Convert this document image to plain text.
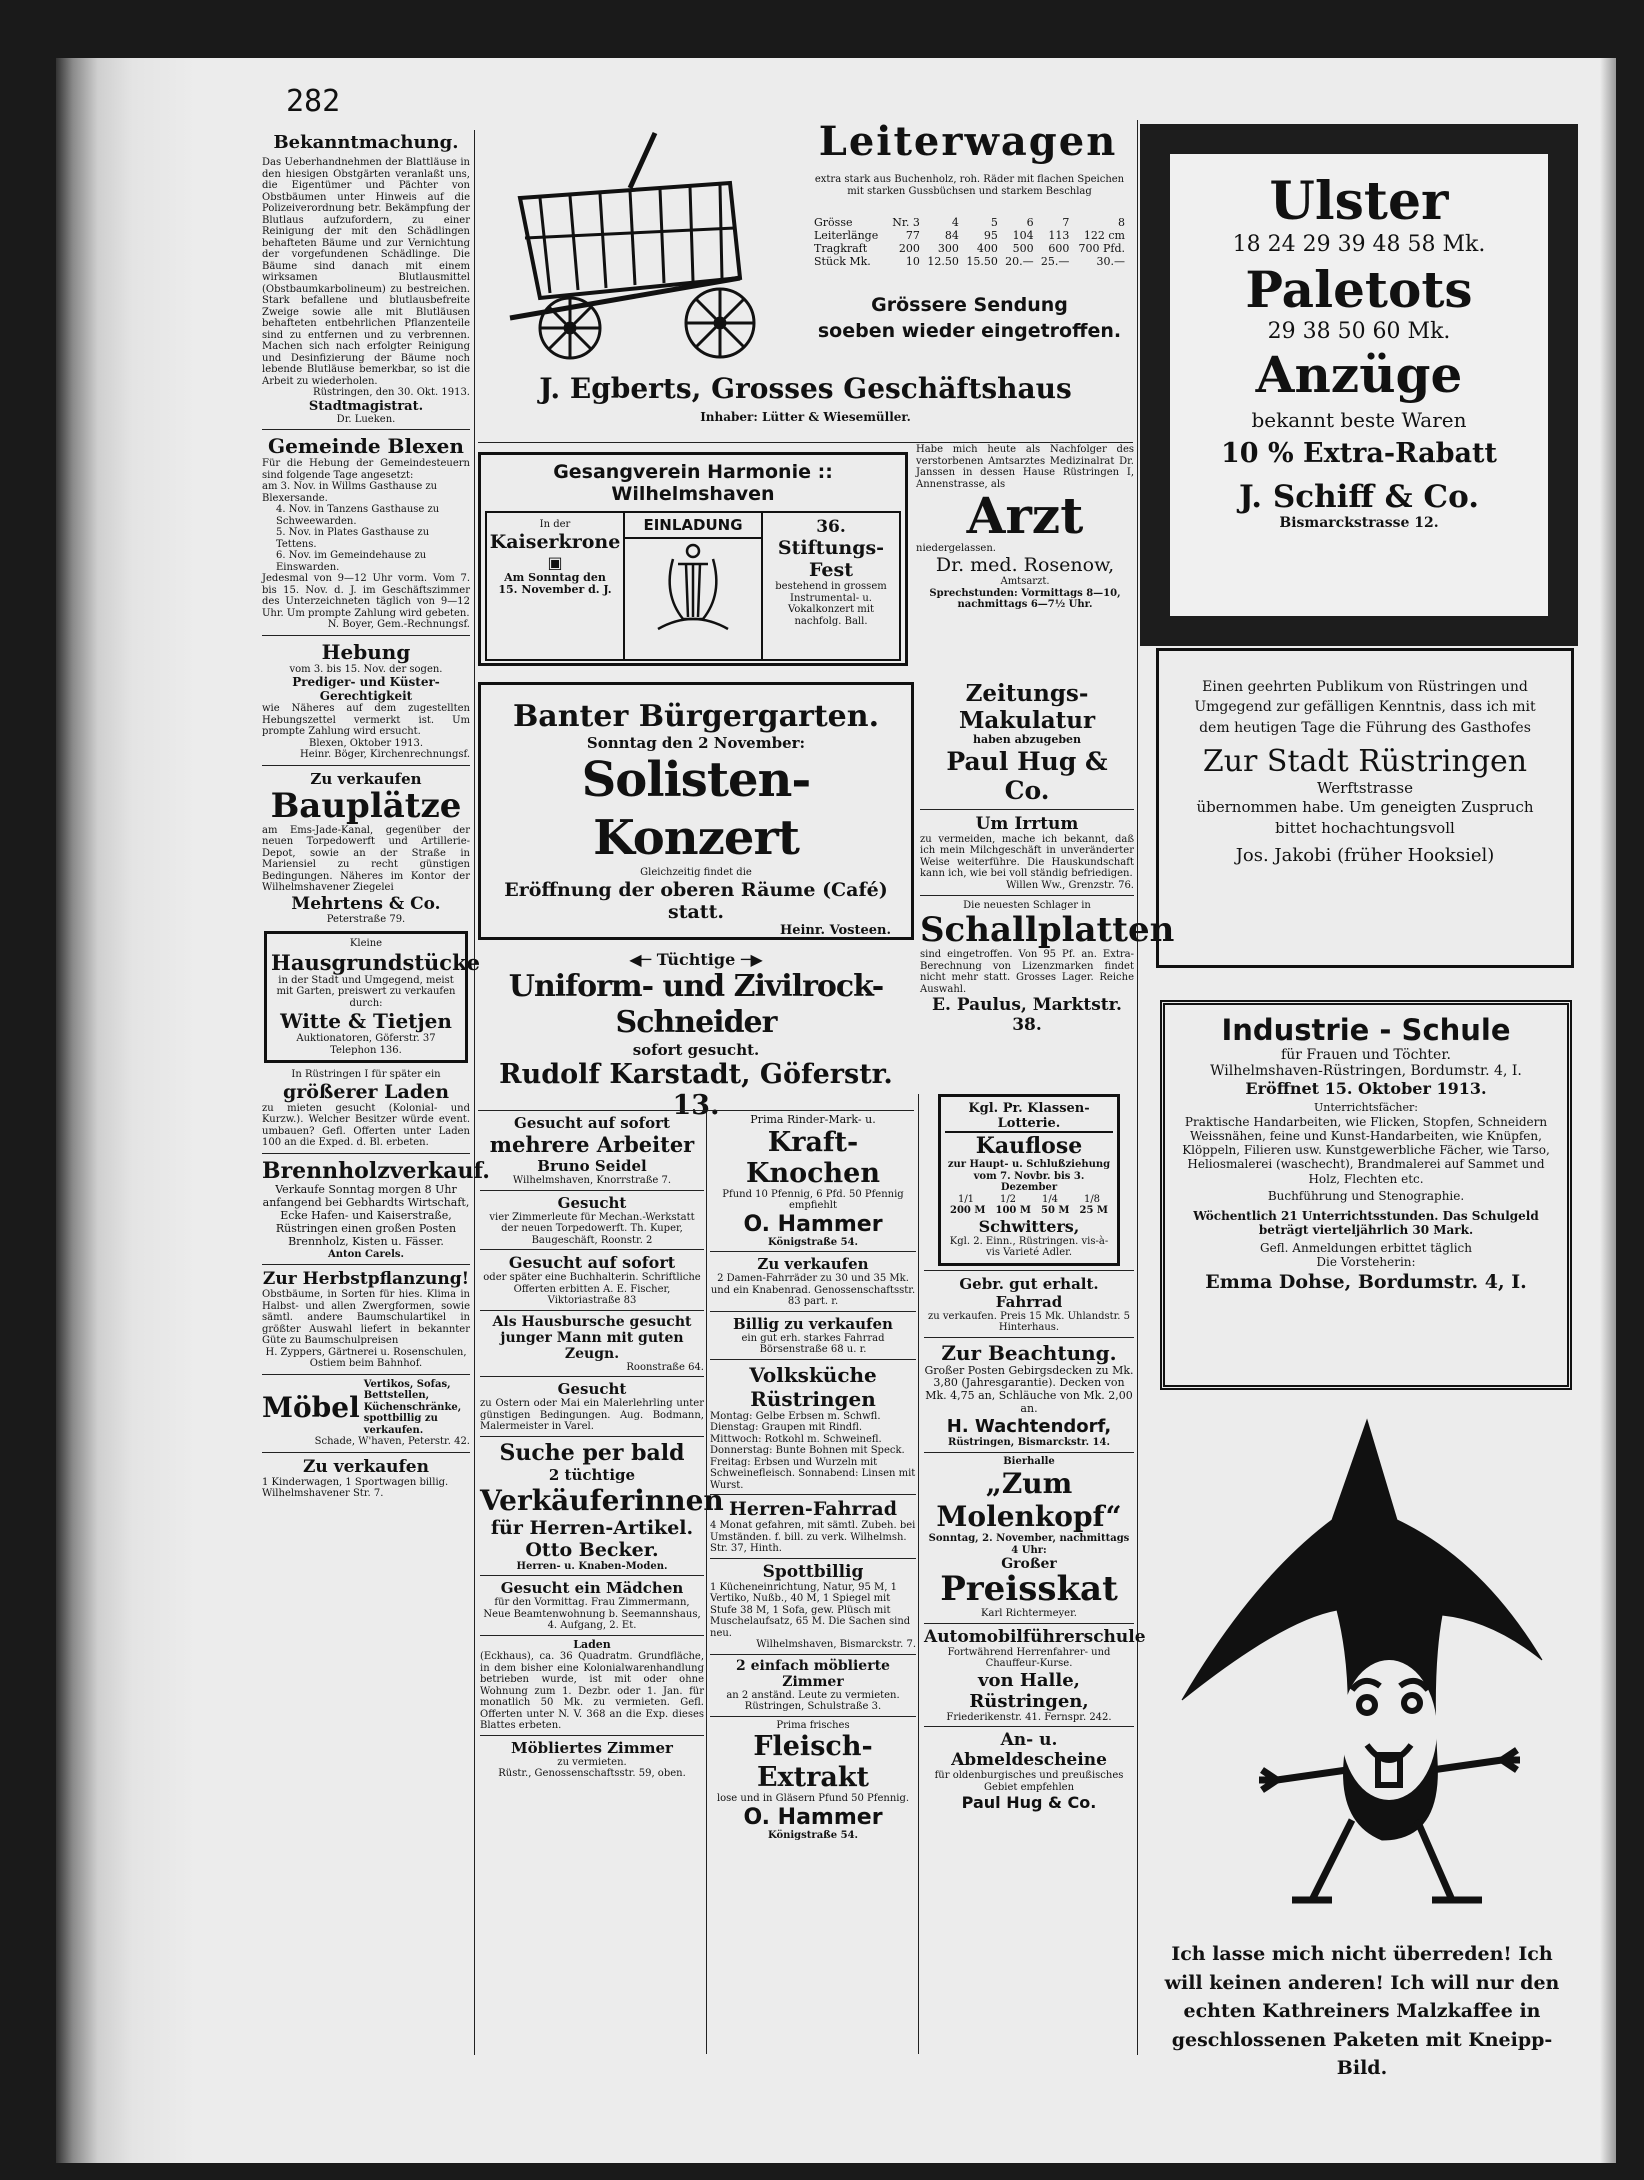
282
Bekanntmachung.

Das Ueberhandnehmen der Blattläuse in den hiesigen Obstgärten veranlaßt uns, die Eigentümer und Pächter von Obstbäumen unter Hinweis auf die Polizeiverordnung betr. Bekämpfung der Blutlaus aufzufordern, zu einer Reinigung der mit den Schädlingen behafteten Bäume und zur Vernichtung der vorgefundenen Schädlinge. Die Bäume sind danach mit einem wirksamen Blutlausmittel (Obstbaumkarbolineum) zu bestreichen. Stark befallene und blutlausbefreite Zweige sowie alle mit Blutläusen behafteten entbehrlichen Pflanzenteile sind zu entfernen und zu verbrennen. Machen sich nach erfolgter Reinigung und Desinfizierung der Bäume noch lebende Blutläuse bemerkbar, so ist die Arbeit zu wiederholen.

Rüstringen, den 30. Okt. 1913.

Stadtmagistrat.

Dr. Lueken.

Gemeinde Blexen

Für die Hebung der Gemeindesteuern sind folgende Tage angesetzt:

am 3. Nov. in Willms Gasthause zu Blexersande.

4. Nov. in Tanzens Gasthause zu Schweewarden.

5. Nov. in Plates Gasthause zu Tettens.

6. Nov. im Gemeindehause zu Einswarden.

Jedesmal von 9—12 Uhr vorm. Vom 7. bis 15. Nov. d. J. im Geschäftszimmer des Unterzeichneten täglich von 9—12 Uhr. Um prompte Zahlung wird gebeten.

N. Boyer, Gem.-Rechnungsf.

Hebung

vom 3. bis 15. Nov. der sogen.

Prediger- und Küster-Gerechtigkeit

wie Näheres auf dem zugestellten Hebungszettel vermerkt ist. Um prompte Zahlung wird ersucht.

Blexen, Oktober 1913.

Heinr. Böger, Kirchenrechnungsf.

Zu verkaufen

Bauplätze

am Ems-Jade-Kanal, gegenüber der neuen Torpedowerft und Artillerie-Depot, sowie an der Straße in Mariensiel zu recht günstigen Bedingungen. Näheres im Kontor der Wilhelmshavener Ziegelei

Mehrtens & Co.

Peterstraße 79.

Kleine

Hausgrundstücke

in der Stadt und Umgegend, meist mit Garten, preiswert zu verkaufen durch:

Witte & Tietjen

Auktionatoren, Göferstr. 37

Telephon 136.

In Rüstringen I für später ein

größerer Laden

zu mieten gesucht (Kolonial- und Kurzw.). Welcher Besitzer würde event. umbauen? Gefl. Offerten unter Laden 100 an die Exped. d. Bl. erbeten.

Brennholzverkauf.

Verkaufe Sonntag morgen 8 Uhr anfangend bei Gebhardts Wirtschaft, Ecke Hafen- und Kaiserstraße, Rüstringen einen großen Posten Brennholz, Kisten u. Fässer.

Anton Carels.

Zur Herbstpflanzung!

Obstbäume, in Sorten für hies. Klima in Halbst- und allen Zwergformen, sowie sämtl. andere Baumschulartikel in größter Auswahl liefert in bekannter Güte zu Baumschulpreisen

H. Zyppers, Gärtnerei u. Rosenschulen, Ostiem beim Bahnhof.

Möbel

Vertikos, Sofas, Bettstellen, Küchenschränke, spottbillig zu verkaufen.

Schade, W'haven, Peterstr. 42.

Zu verkaufen

1 Kinderwagen, 1 Sportwagen billig. Wilhelmshavener Str. 7.

Leiterwagen

extra stark aus Buchenholz, roh. Räder mit flachen Speichen mit starken Gussbüchsen und starkem Beschlag

Grösse	Nr. 3	4	5	6	7	8
Leiterlänge	77	84	95	104	113	122 cm
Tragkraft	200	300	400	500	600	700 Pfd.
Stück Mk.	10	12.50	15.50	20.—	25.—	30.—
Grössere Sendung
soeben wieder eingetroffen.
J. Egberts, Grosses Geschäftshaus
Inhaber: Lütter & Wiesemüller.
Ulster
18 24 29 39 48 58 Mk.
Paletots
29 38 50 60 Mk.
Anzüge
bekannt beste Waren
10 % Extra-Rabatt
J. Schiff & Co.
Bismarckstrasse 12.
Gesangverein Harmonie :: Wilhelmshaven

In der

Kaiserkrone

▣

Am Sonntag den

15. November d. J.

EINLADUNG	36.

Stiftungs-Fest

bestehend in grossem Instrumental- u. Vokalkonzert mit nachfolg. Ball.

Habe mich heute als Nachfolger des verstorbenen Amtsarztes Medizinalrat Dr. Janssen in dessen Hause Rüstringen I, Annenstrasse, als

Arzt

niedergelassen.

Dr. med. Rosenow,

Amtsarzt.

Sprechstunden: Vormittags 8—10, nachmittags 6—7½ Uhr.

Einen geehrten Publikum von Rüstringen und Umgegend zur gefälligen Kenntnis, dass ich mit dem heutigen Tage die Führung des Gasthofes

Zur Stadt Rüstringen

Werftstrasse

übernommen habe. Um geneigten Zuspruch bittet hochachtungsvoll

Jos. Jakobi (früher Hooksiel)

Banter Bürgergarten.
Sonntag den 2 November:
Solisten-Konzert
Gleichzeitig findet die
Eröffnung der oberen Räume (Café) statt.
Heinr. Vosteen.
Zeitungs-Makulatur

haben abzugeben

Paul Hug & Co.
Um Irrtum

zu vermeiden, mache ich bekannt, daß ich mein Milchgeschäft in unveränderter Weise weiterführe. Die Hauskundschaft kann ich, wie bei voll ständig befriedigen.

Willen Ww., Grenzstr. 76.

Die neuesten Schlager in

Schallplatten

sind eingetroffen. Von 95 Pf. an. Extra-Berechnung von Lizenzmarken findet nicht mehr statt. Grosses Lager. Reiche Auswahl.

E. Paulus, Marktstr. 38.

◀─ Tüchtige ─▶
Uniform- und Zivilrock-Schneider
sofort gesucht.
Rudolf Karstadt, Göferstr. 13.
Gesucht auf sofort
mehrere Arbeiter
Bruno Seidel
Wilhelmshaven, Knorrstraße 7.
Gesucht

vier Zimmerleute für Mechan.-Werkstatt der neuen Torpedowerft. Th. Kuper, Baugeschäft, Roonstr. 2

Gesucht auf sofort

oder später eine Buchhalterin. Schriftliche Offerten erbitten A. E. Fischer, Viktoriastraße 83

Als Hausbursche gesucht junger Mann mit guten Zeugn.

Roonstraße 64.

Gesucht

zu Ostern oder Mai ein Malerlehrling unter günstigen Bedingungen. Aug. Bodmann, Malermeister in Varel.

Suche per bald
2 tüchtige
Verkäuferinnen
für Herren-Artikel.
Otto Becker.
Herren- u. Knaben-Moden.
Gesucht ein Mädchen

für den Vormittag. Frau Zimmermann, Neue Beamtenwohnung b. Seemannshaus, 4. Aufgang, 2. Et.

Laden

(Eckhaus), ca. 36 Quadratm. Grundfläche, in dem bisher eine Kolonialwarenhandlung betrieben wurde, ist mit oder ohne Wohnung zum 1. Dezbr. oder 1. Jan. für monatlich 50 Mk. zu vermieten. Gefl. Offerten unter N. V. 368 an die Exp. dieses Blattes erbeten.

Möbliertes Zimmer

zu vermieten.

Rüstr., Genossenschaftsstr. 59, oben.

Prima Rinder-Mark- u.

Kraft-Knochen

Pfund 10 Pfennig, 6 Pfd. 50 Pfennig empfiehlt

O. Hammer

Königstraße 54.

Zu verkaufen

2 Damen-Fahrräder zu 30 und 35 Mk. und ein Knabenrad. Genossenschaftsstr. 83 part. r.

Billig zu verkaufen

ein gut erh. starkes Fahrrad Börsenstraße 68 u. r.

Volksküche Rüstringen

Montag: Gelbe Erbsen m. Schwfl. Dienstag: Graupen mit Rindfl. Mittwoch: Rotkohl m. Schweinefl. Donnerstag: Bunte Bohnen mit Speck. Freitag: Erbsen und Wurzeln mit Schweinefleisch. Sonnabend: Linsen mit Wurst.

Herren-Fahrrad

4 Monat gefahren, mit sämtl. Zubeh. bei Umständen. f. bill. zu verk. Wilhelmsh. Str. 37, Hinth.

Spottbillig

1 Kücheneinrichtung, Natur, 95 M, 1 Vertiko, Nußb., 40 M, 1 Spiegel mit Stufe 38 M, 1 Sofa, gew. Plüsch mit Muschelaufsatz, 65 M. Die Sachen sind neu.

Wilhelmshaven, Bismarckstr. 7.

2 einfach möblierte Zimmer

an 2 anständ. Leute zu vermieten. Rüstringen, Schulstraße 3.

Prima frisches

Fleisch-Extrakt

lose und in Gläsern Pfund 50 Pfennig.

O. Hammer

Königstraße 54.

Kgl. Pr. Klassen-Lotterie.
Kauflose

zur Haupt- u. Schlußziehung vom 7. Novbr. bis 3. Dezember

1/1	1/2	1/4	1/8
200 M 100 M 50 M 25 M
Schwitters,

Kgl. 2. Einn., Rüstringen. vis-à-vis Varieté Adler.

Gebr. gut erhalt. Fahrrad

zu verkaufen. Preis 15 Mk. Uhlandstr. 5 Hinterhaus.

Zur Beachtung.

Großer Posten Gebirgsdecken zu Mk. 3,80 (Jahresgarantie). Decken von Mk. 4,75 an, Schläuche von Mk. 2,00 an.

H. Wachtendorf,

Rüstringen, Bismarckstr. 14.

Bierhalle

„Zum Molenkopf“

Sonntag, 2. November, nachmittags 4 Uhr:

Großer

Preisskat

Karl Richtermeyer.

Automobilführerschule

Fortwährend Herrenfahrer- und Chauffeur-Kurse.

von Halle, Rüstringen,

Friederikenstr. 41. Fernspr. 242.

An- u. Abmeldescheine

für oldenburgisches und preußisches Gebiet empfehlen

Paul Hug & Co.
Industrie - Schule

für Frauen und Töchter.

Wilhelmshaven-Rüstringen, Bordumstr. 4, I.

Eröffnet 15. Oktober 1913.

Unterrichtsfächer:

Praktische Handarbeiten, wie Flicken, Stopfen, Schneidern Weissnähen, feine und Kunst-Handarbeiten, wie Knüpfen, Klöppeln, Filieren usw. Kunstgewerbliche Fächer, wie Tarso, Heliosmalerei (waschecht), Brandmalerei auf Sammet und Holz, Flechten etc.

Buchführung und Stenographie.

Wöchentlich 21 Unterrichtsstunden. Das Schulgeld beträgt vierteljährlich 30 Mark.

Gefl. Anmeldungen erbittet täglich

Die Vorsteherin:

Emma Dohse, Bordumstr. 4, I.

Ich lasse mich nicht überreden! Ich will keinen anderen! Ich will nur den echten Kathreiners Malzkaffee in geschlossenen Paketen mit Kneipp-Bild.
